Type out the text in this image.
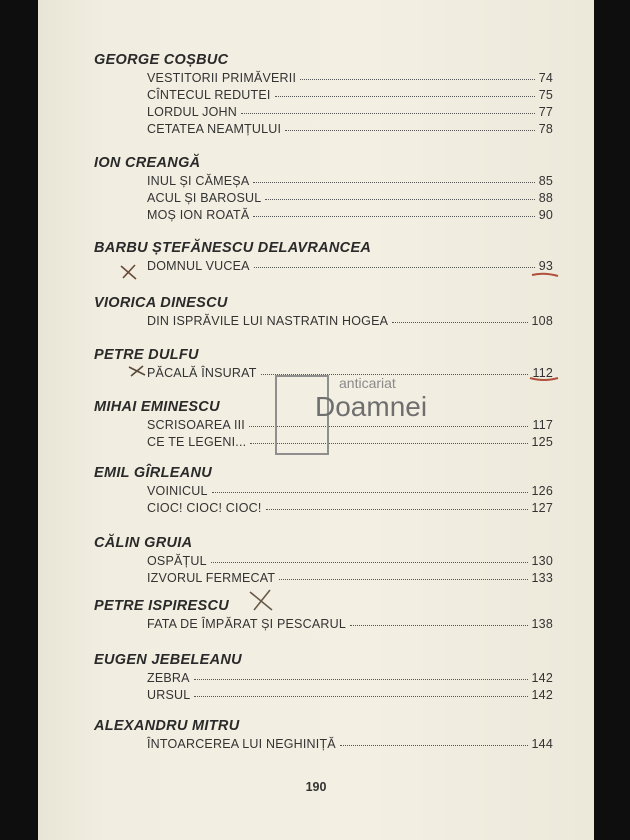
GEORGE COȘBUC
VESTITORII PRIMĂVERII	74
CÎNTECUL REDUTEI	75
LORDUL JOHN	77
CETATEA NEAMȚULUI	78
ION CREANGĂ
INUL ȘI CĂMEȘA	85
ACUL ȘI BAROSUL	88
MOȘ ION ROATĂ	90
BARBU ȘTEFĂNESCU DELAVRANCEA
DOMNUL VUCEA	93
VIORICA DINESCU
DIN ISPRĂVILE LUI NASTRATIN HOGEA	108
PETRE DULFU
PĂCALĂ ÎNSURAT	112
MIHAI EMINESCU
SCRISOAREA III	117
CE TE LEGENI...	125
EMIL GÎRLEANU
VOINICUL	126
CIOC! CIOC! CIOC!	127
CĂLIN GRUIA
OSPĂȚUL	130
IZVORUL FERMECAT	133
PETRE ISPIRESCU
FATA DE ÎMPĂRAT ȘI PESCARUL	138
EUGEN JEBELEANU
ZEBRA	142
URSUL	142
ALEXANDRU MITRU
ÎNTOARCEREA LUI NEGHINIȚĂ	144
anticariat
Doamnei
190
